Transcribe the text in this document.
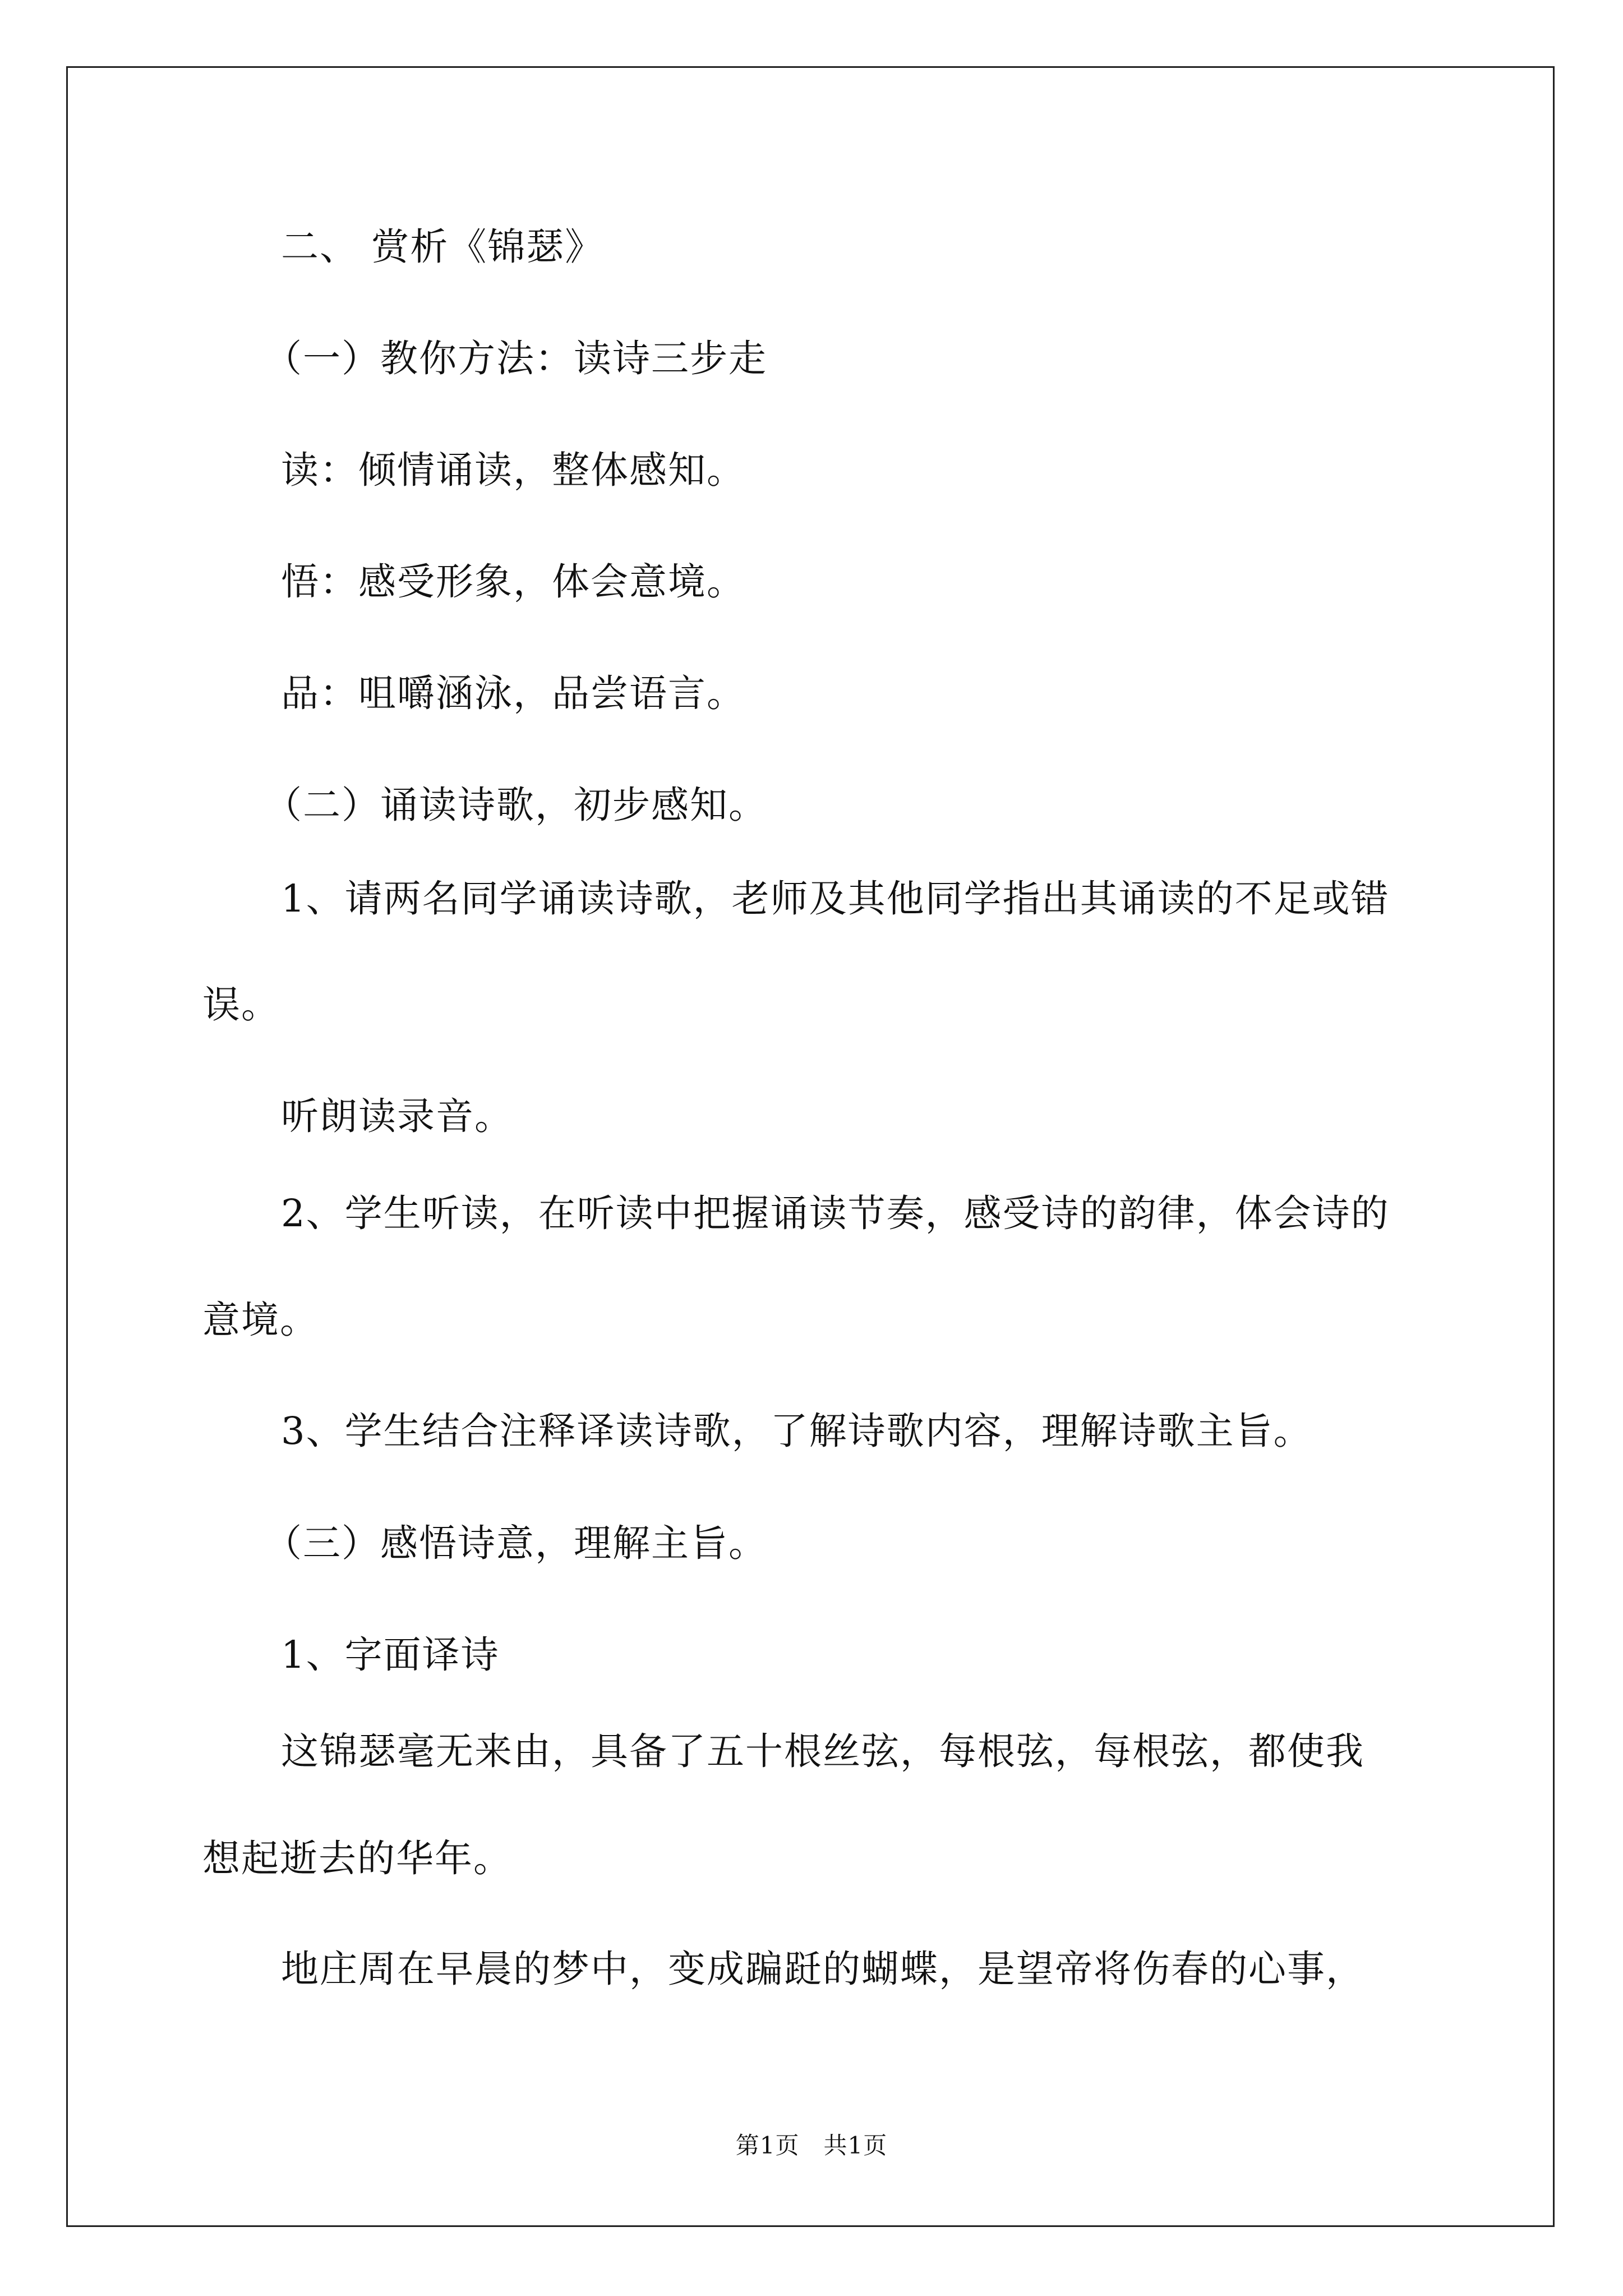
二、 赏析《锦瑟》
（一）教你方法：读诗三步走
读：倾情诵读，整体感知。
悟：感受形象，体会意境。
品：咀嚼涵泳，品尝语言。
（二）诵读诗歌，初步感知。
1、请两名同学诵读诗歌，老师及其他同学指出其诵读的不足或错
误。
听朗读录音。
2、学生听读，在听读中把握诵读节奏，感受诗的韵律，体会诗的
意境。
3、学生结合注释译读诗歌，了解诗歌内容，理解诗歌主旨。
（三）感悟诗意，理解主旨。
1、字面译诗
这锦瑟毫无来由，具备了五十根丝弦，每根弦，每根弦，都使我
想起逝去的华年。
地庄周在早晨的梦中，变成蹁跹的蝴蝶，是望帝将伤春的心事，
第1页　共1页
